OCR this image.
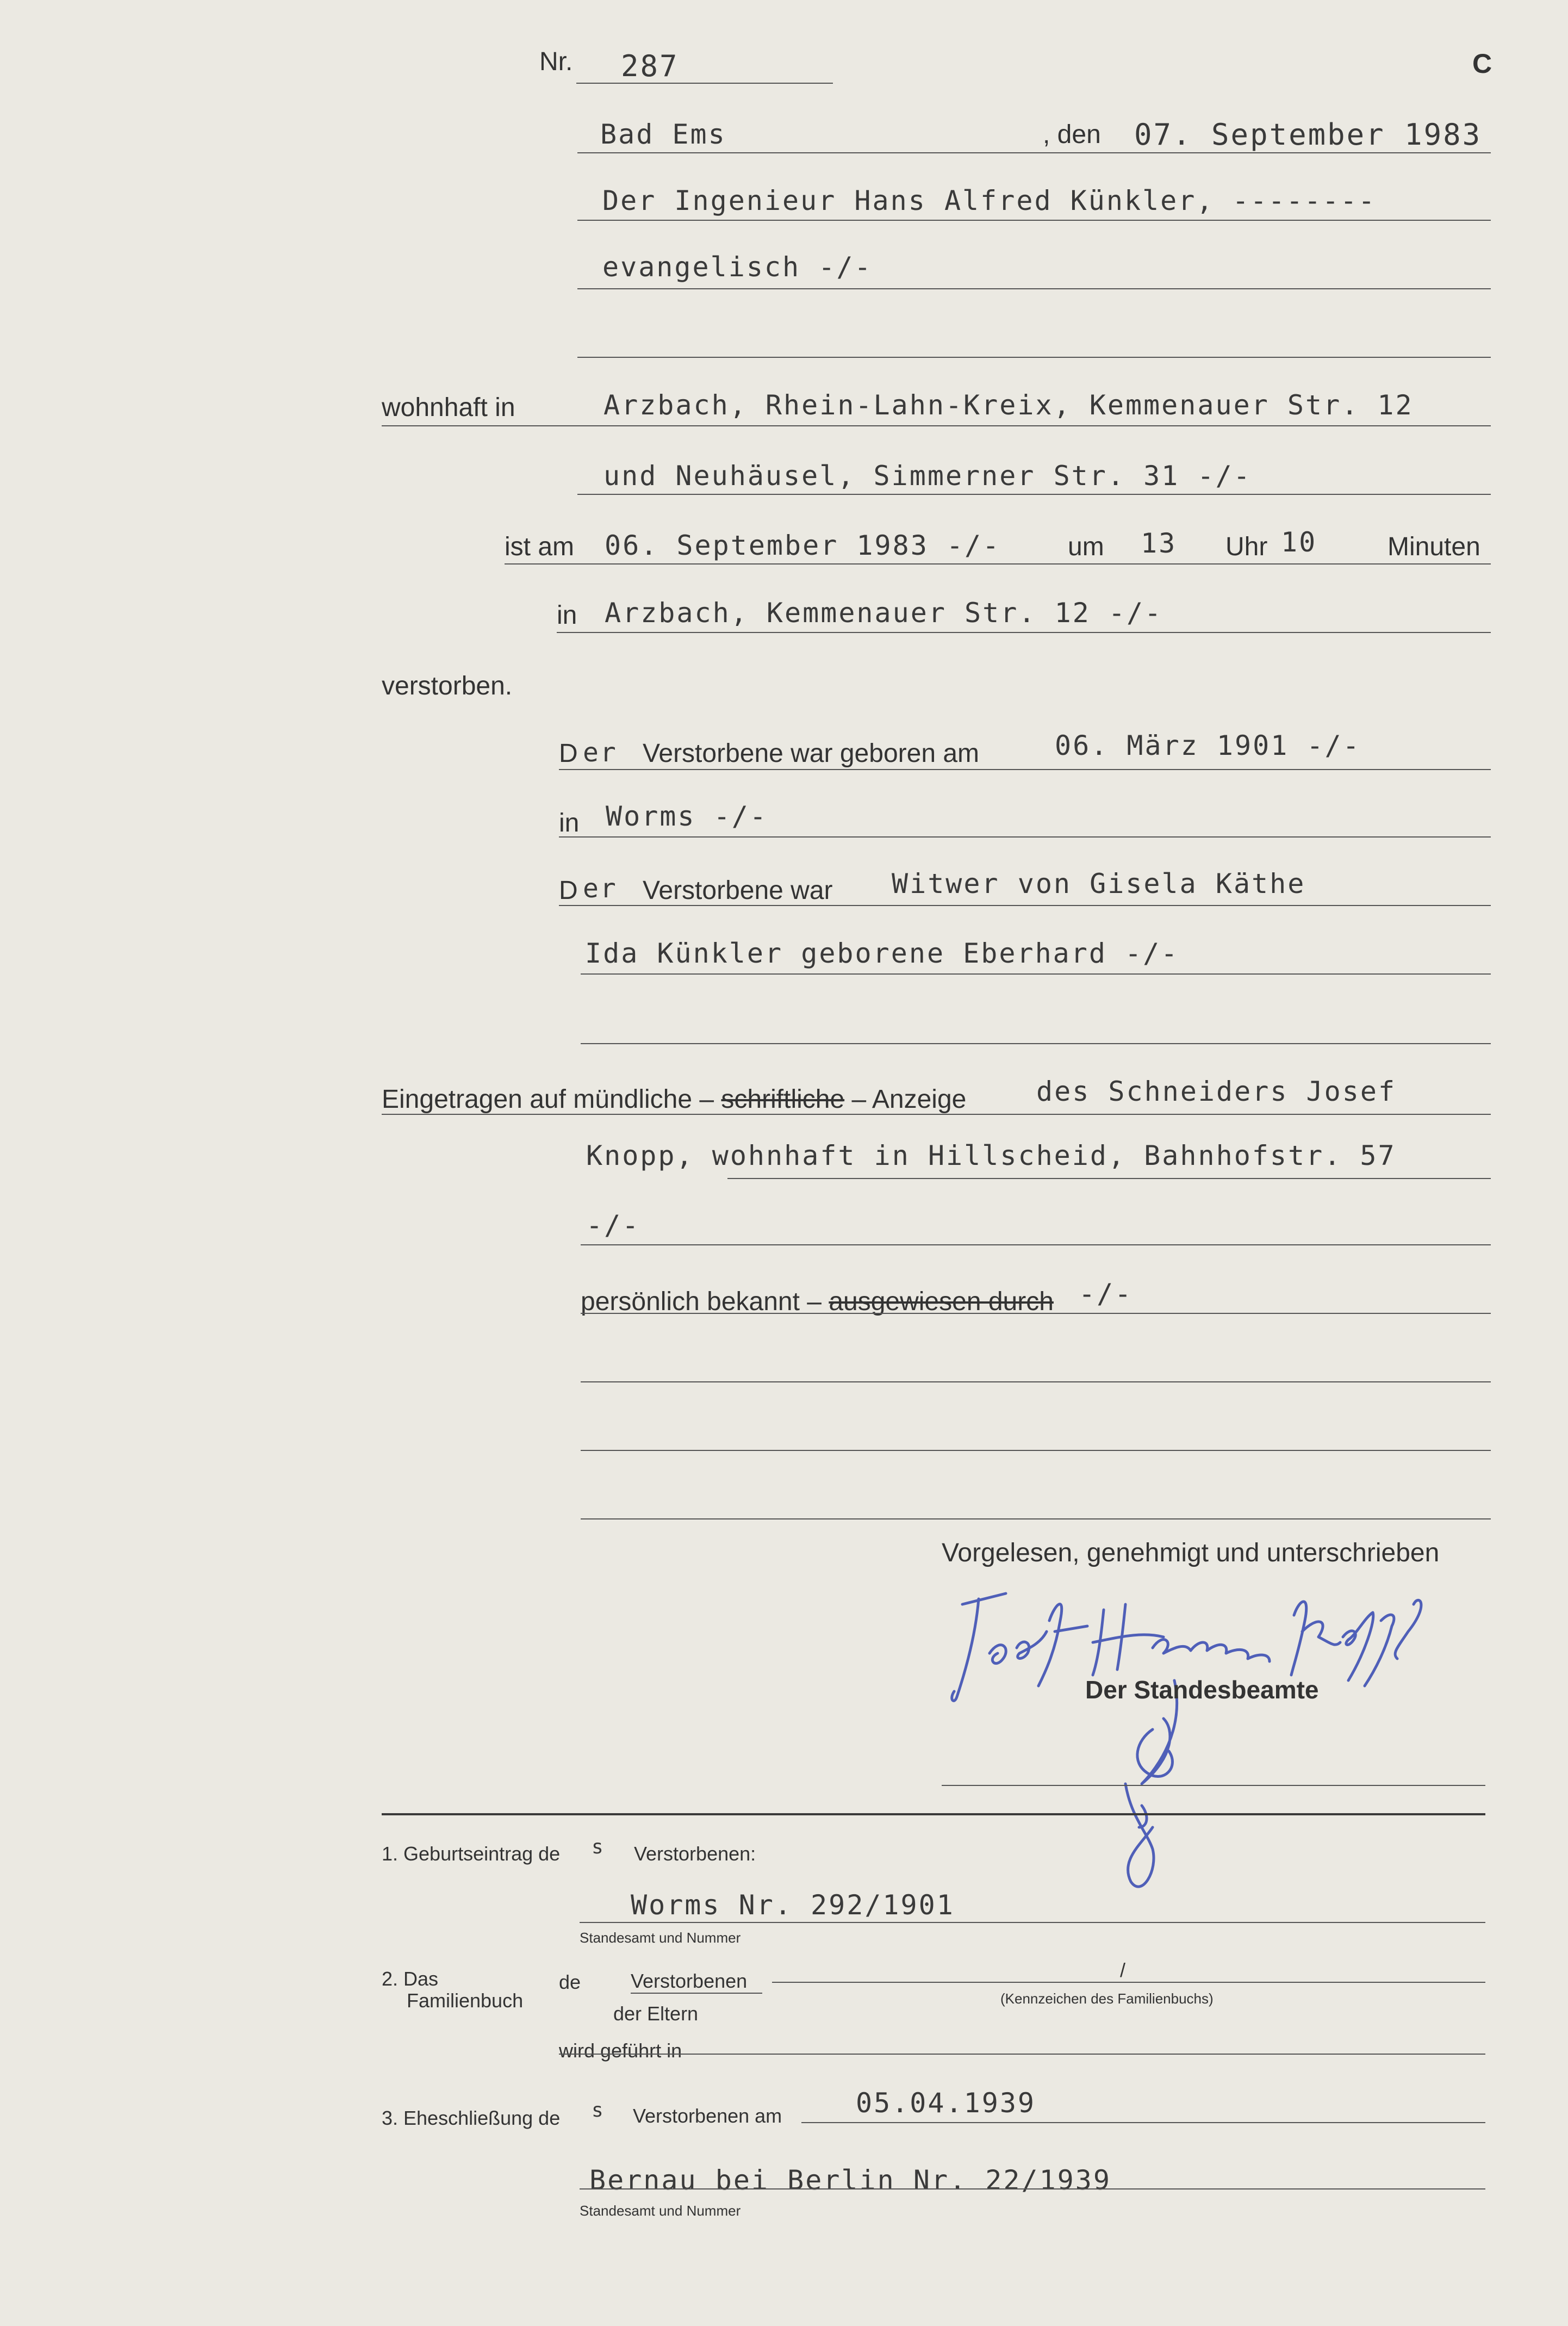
Nr. 287	C
Bad Ems	, den 07. September 1983
Der Ingenieur Hans Alfred Künkler, --------
evangelisch -/-
wohnhaft in	Arzbach, Rhein-Lahn-Kreix, Kemmenauer Str. 12
und Neuhäusel, Simmerner Str. 31 -/-
ist am 06. September 1983 -/-	um 13 Uhr 10	Minuten
in Arzbach, Kemmenauer Str. 12 -/-
verstorben.
D er Verstorbene war geboren am	06. März 1901 -/-
in Worms -/-
D er Verstorbene war Witwer von Gisela Käthe
Ida Künkler geborene Eberhard -/-
Eingetragen auf mündliche – schriftliche – Anzeige	des Schneiders Josef
Knopp, wohnhaft in Hillscheid, Bahnhofstr. 57
-/-
persönlich bekannt – ausgewiesen durch -/-
Vorgelesen, genehmigt und unterschrieben
Der Standesbeamte
1. Geburtseintrag de s Verstorbenen:
Worms Nr. 292/1901
Standesamt und Nummer
2. Das
Familienbuch
de	Verstorbenen	/
(Kennzeichen des Familienbuchs)
der Eltern
wird geführt in
3. Eheschließung de s Verstorbenen am	05.04.1939
Bernau bei Berlin Nr. 22/1939
Standesamt und Nummer
